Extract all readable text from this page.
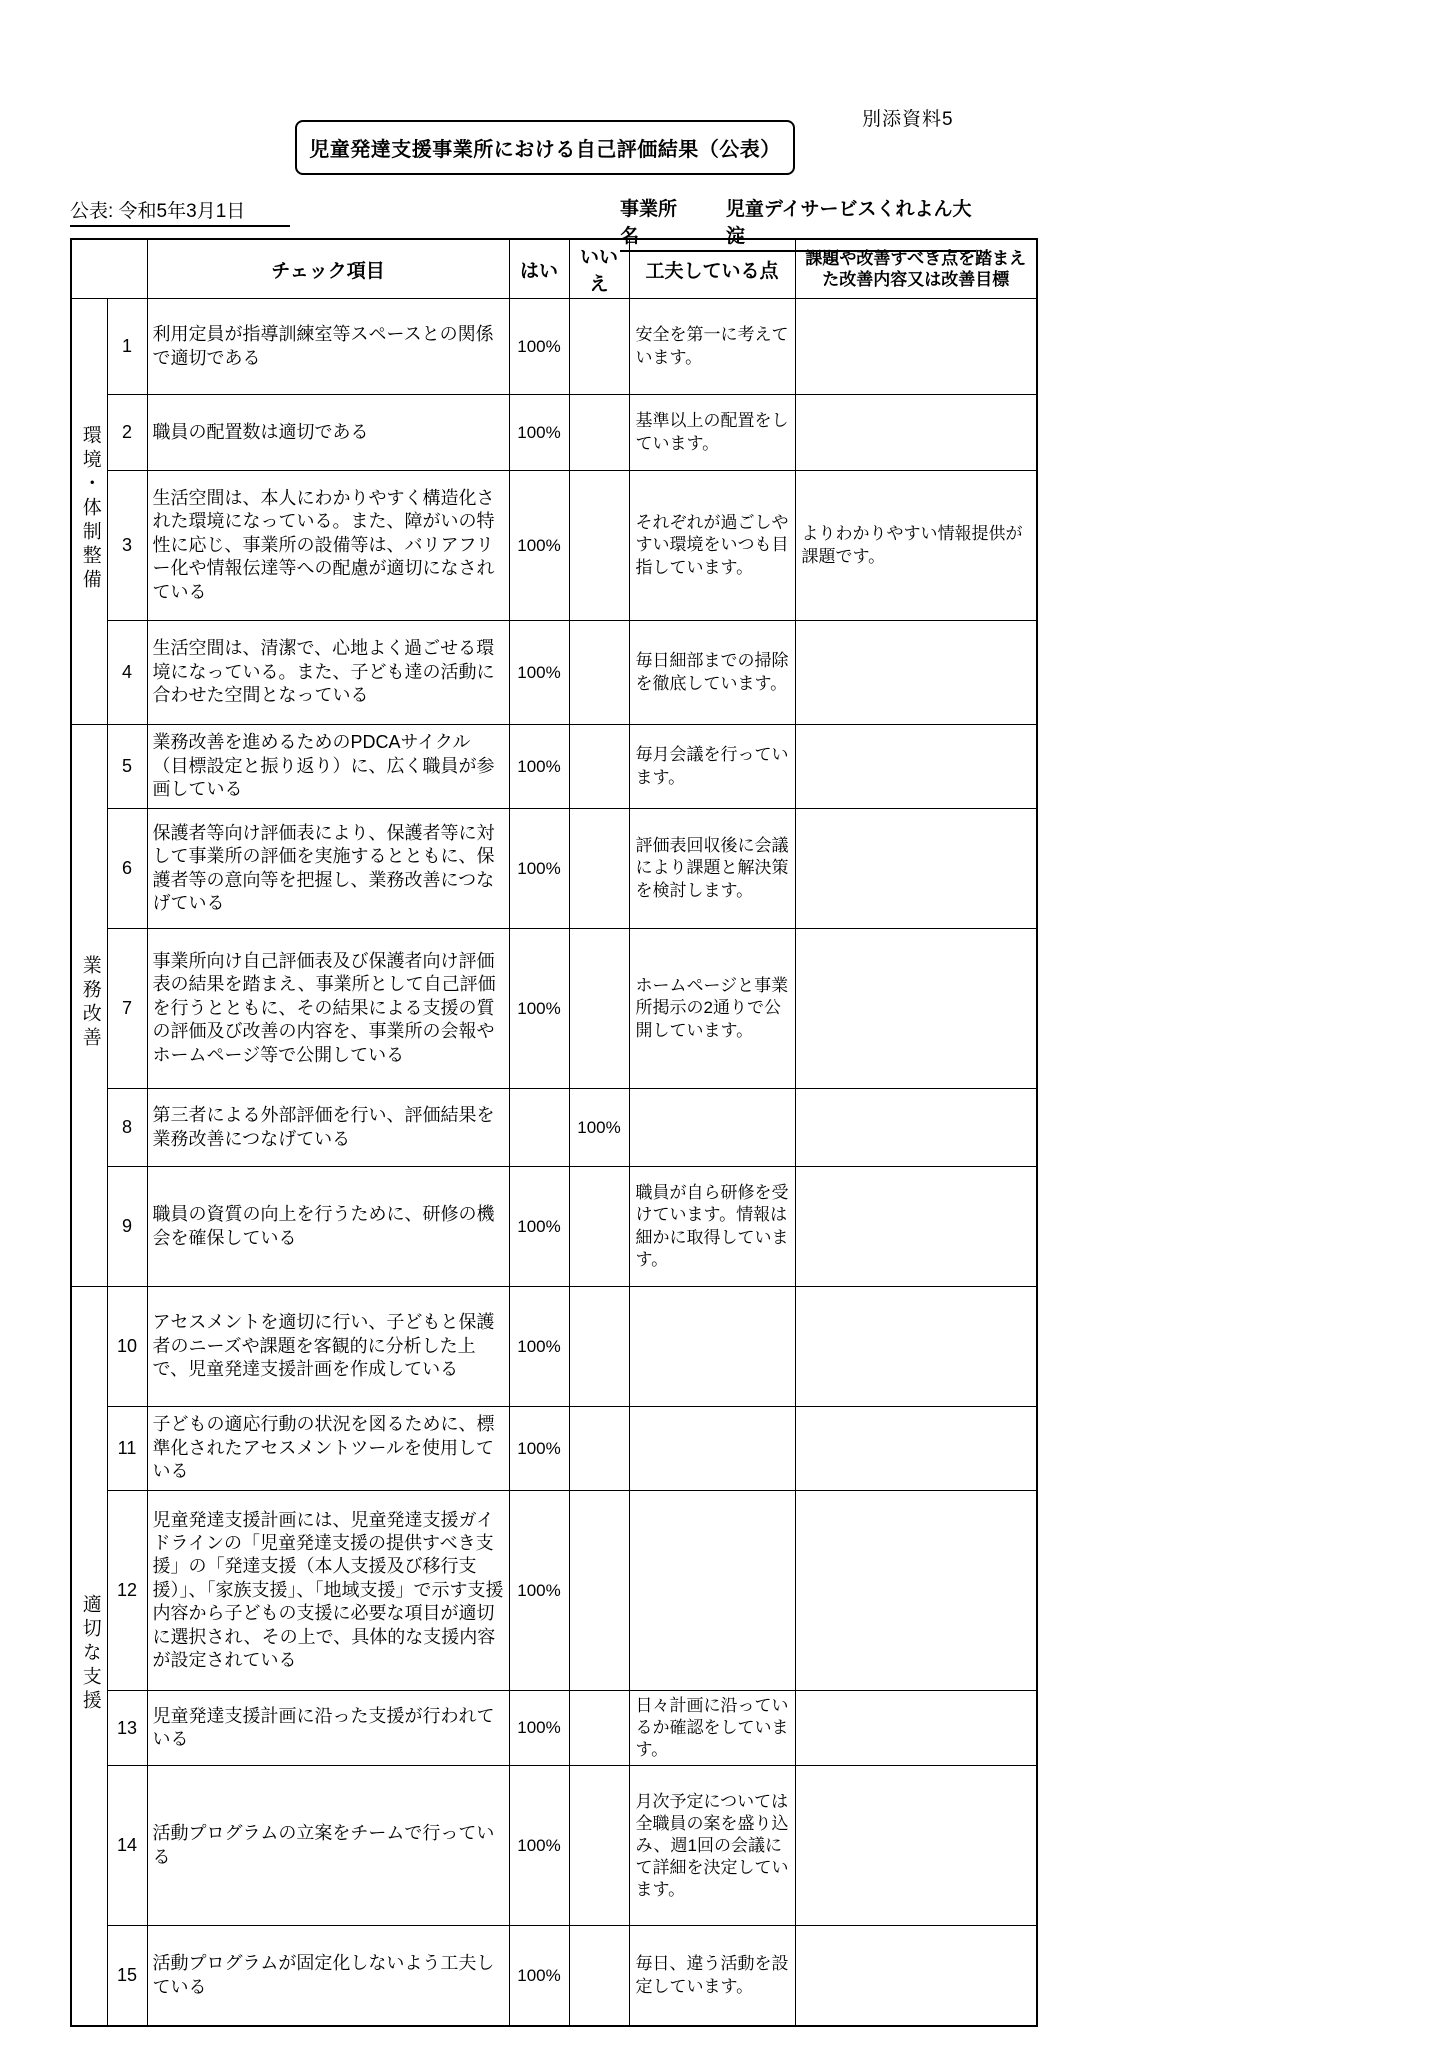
別添資料5
児童発達支援事業所における自己評価結果（公表）
公表: 令和5年3月1日	事業所名
児童デイサービスくれよん大淀
		チェック項目	はい	いいえ	工夫している点	課題や改善すべき点を踏まえた改善内容又は改善目標
環境・体制整備	1	利用定員が指導訓練室等スペースとの関係で適切である	100%		安全を第一に考えています。	
	2	職員の配置数は適切である	100%		基準以上の配置をしています。	
	3	生活空間は、本人にわかりやすく構造化された環境になっている。また、障がいの特性に応じ、事業所の設備等は、バリアフリー化や情報伝達等への配慮が適切になされている	100%		それぞれが過ごしやすい環境をいつも目指しています。	よりわかりやすい情報提供が課題です。
	4	生活空間は、清潔で、心地よく過ごせる環境になっている。また、子ども達の活動に合わせた空間となっている	100%		毎日細部までの掃除を徹底しています。	
業務改善	5	業務改善を進めるためのPDCAサイクル（目標設定と振り返り）に、広く職員が参画している	100%		毎月会議を行っています。	
	6	保護者等向け評価表により、保護者等に対して事業所の評価を実施するとともに、保護者等の意向等を把握し、業務改善につなげている	100%		評価表回収後に会議により課題と解決策を検討します。	
	7	事業所向け自己評価表及び保護者向け評価表の結果を踏まえ、事業所として自己評価を行うとともに、その結果による支援の質の評価及び改善の内容を、事業所の会報やホームページ等で公開している	100%		ホームページと事業所掲示の2通りで公開しています。	
	8	第三者による外部評価を行い、評価結果を業務改善につなげている		100%		
	9	職員の資質の向上を行うために、研修の機会を確保している	100%		職員が自ら研修を受けています。情報は細かに取得しています。	
適切な支援	10	アセスメントを適切に行い、子どもと保護者のニーズや課題を客観的に分析した上で、児童発達支援計画を作成している	100%			
	11	子どもの適応行動の状況を図るために、標準化されたアセスメントツールを使用している	100%			
	12	児童発達支援計画には、児童発達支援ガイドラインの「児童発達支援の提供すべき支援」の「発達支援（本人支援及び移行支援）」、「家族支援」、「地域支援」で示す支援内容から子どもの支援に必要な項目が適切に選択され、その上で、具体的な支援内容が設定されている	100%			
	13	児童発達支援計画に沿った支援が行われている	100%		日々計画に沿っているか確認をしています。	
	14	活動プログラムの立案をチームで行っている	100%		月次予定については全職員の案を盛り込み、週1回の会議にて詳細を決定しています。	
	15	活動プログラムが固定化しないよう工夫している	100%		毎日、違う活動を設定しています。	
